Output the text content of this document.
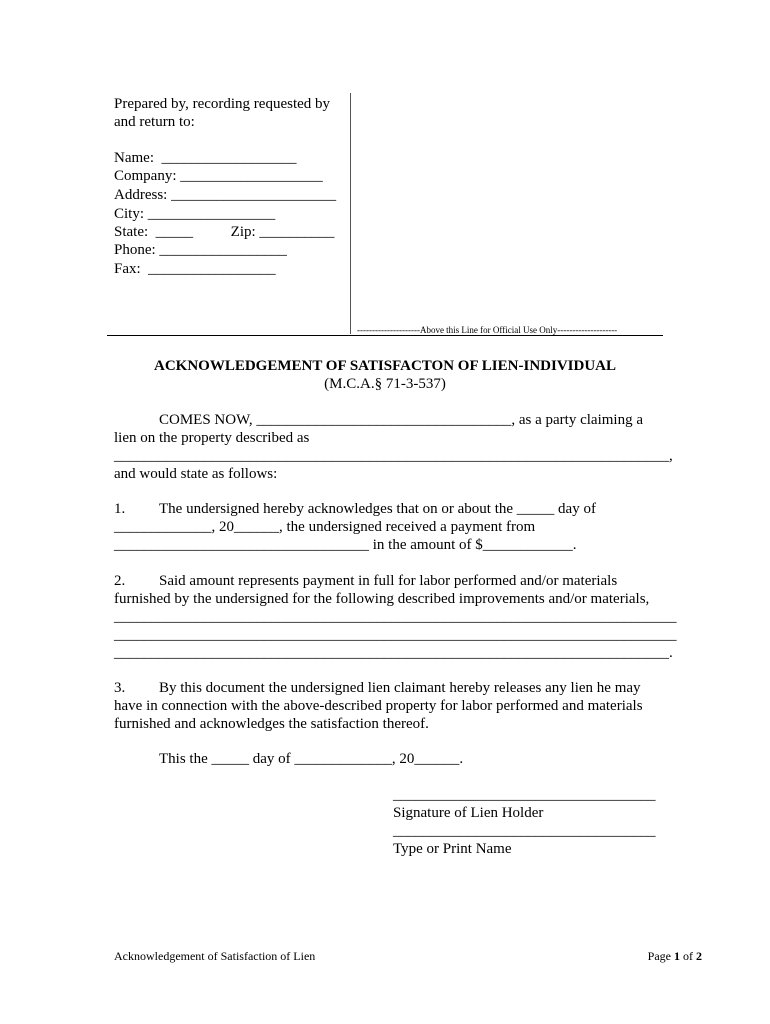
Prepared by, recording requested by
and return to:
Name:  __________________
Company: ___________________
Address: ______________________
City: _________________
State:  _____          Zip: __________
Phone: _________________
Fax:  _________________
---------------------Above this Line for Official Use Only--------------------
ACKNOWLEDGEMENT OF SATISFACTON OF LIEN-INDIVIDUAL
(M.C.A.§ 71-3-537)
COMES NOW, __________________________________, as a party claiming a
lien on the property described as
__________________________________________________________________________,
and would state as follows:
1. The undersigned hereby acknowledges that on or about the _____ day of
_____________, 20______, the undersigned received a payment from
__________________________________ in the amount of $____________.
2. Said amount represents payment in full for labor performed and/or materials
furnished by the undersigned for the following described improvements and/or materials,
___________________________________________________________________________
___________________________________________________________________________
__________________________________________________________________________.
3. By this document the undersigned lien claimant hereby releases any lien he may
have in connection with the above-described property for labor performed and materials
furnished and acknowledges the satisfaction thereof.
This the _____ day of _____________, 20______.
___________________________________
Signature of Lien Holder
___________________________________
Type or Print Name
Acknowledgement of Satisfaction of Lien	Page 1 of 2
